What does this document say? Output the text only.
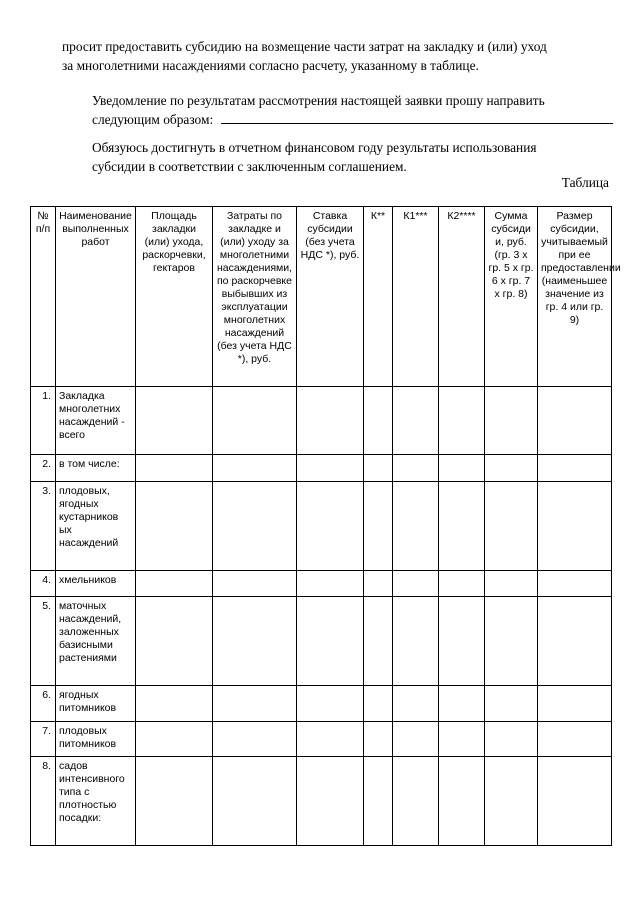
просит предоставить субсидию на возмещение части затрат на закладку и (или) уход
за многолетними насаждениями согласно расчету, указанному в таблице.
Уведомление по результатам рассмотрения настоящей заявки прошу направить
следующим образом:
Обязуюсь достигнуть в отчетном финансовом году результаты использования
субсидии в соответствии с заключенным соглашением.
Таблица
№ п/п	Наименование выполненных работ	Площадь закладки (или) ухода, раскорчевки, гектаров	Затраты по закладке и (или) уходу за многолетними насаждениями, по раскорчевке выбывших из эксплуатации многолетних насаждений (без учета НДС *), руб.	Ставка субсидии (без учета НДС *), руб.	К**	К1***	К2****	Сумма субсиди и, руб. (гр. 3 х гр. 5 х гр. 6 х гр. 7 х гр. 8)	Размер субсидии, учитываемый при ее предоставлении (наименьшее значение из гр. 4 или гр. 9)
1.	Закладка многолетних насаждений - всего								
2.	в том числе:								
3.	плодовых, ягодных кустарников ых насаждений								
4.	хмельников								
5.	маточных насаждений, заложенных базисными растениями								
6.	ягодных питомников								
7.	плодовых питомников								
8.	садов интенсивного типа с плотностью посадки:								
